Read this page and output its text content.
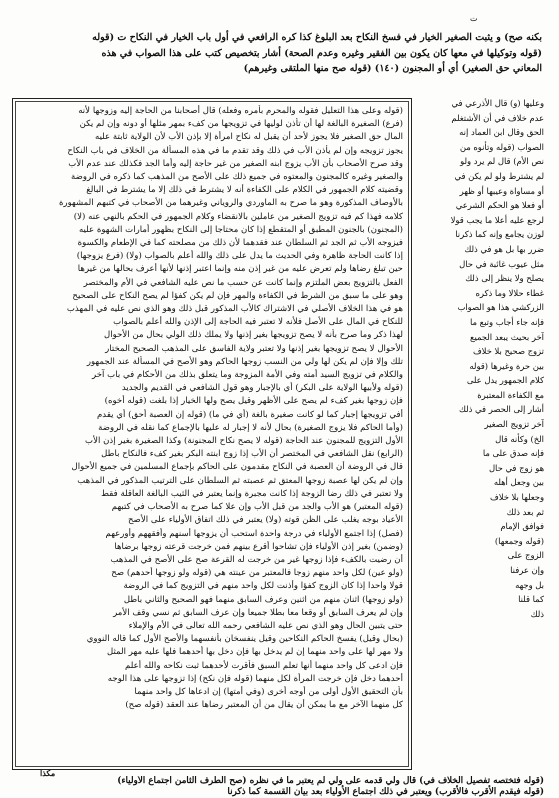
ت
بكنه صح) و يثبت الصغير الخيار في فسخ النكاح بعد البلوغ كذا كره الرافعي في أول باب الخيار في النكاح ت (قوله
(قوله وتوكيلها في معها كان يكون بين الفقير وغيره وعدم الصحة) أشار بتخصيص كتب على هذا الصواب في هذه
المعاني حق الصغير) أي أو المجنون (١٤٠) (قوله صح منها الملتقى وغيرهم)
(قوله وعلى هذا التعليل فقوله والمحرم بأمره وفعله) قال أصحابنا من الحاجة إليه وزوجها لأنه
(فرع) الصغيرة البالغة لها أن تأذن لوليها في تزويجها من كفء بمهر مثلها أو دونه وإن لم يكن
المال حق الصغير فلا يجوز لأحد أن يقبل له نكاح امرأة إلا بإذن الأب لأن الولاية ثابتة عليه
يجوز تزويجه وإن لم يأذن الأب في ذلك وقد تقدم ما في هذه المسألة من الخلاف في باب النكاح
وقد صرح الأصحاب بأن الأب يزوج ابنه الصغير من غير حاجة إليه وأما الجد فكذلك عند عدم الأب
والصغير وغيره كالمجنون والمعتوه في جميع ذلك على الأصح من المذهب كما ذكره في الروضة
وقضيته كلام الجمهور في الكلام على الكفاءة أنه لا يشترط في ذلك إلا ما يشترط في البالغ
بالأوصاف المذكورة وهو ما صرح به الماوردي والروياني وغيرهما من الأصحاب في كتبهم المشهورة
كلامه فهذا كم فيه تزويج الصغير من عاملين بالانقضاء وكلام الجمهور في الحكم بالنهي عنه (لا)
(المجنون) بالجنون المطبق أو المتقطع إذا كان محتاجا إلى النكاح بظهور أمارات الشهوة عليه
فيزوجه الأب ثم الجد ثم السلطان عند فقدهما لأن ذلك من مصلحته كما في الإطعام والكسوة
إذا كانت الحاجة ظاهرة وفي الحديث ما يدل على ذلك والله أعلم بالصواب (ولا) (فرع يزوجها)
حين تبلغ رضاها ولم تعرض عليه من غير إذن منه وإنما اعتبر إذنها لأنها أعرف بحالها من غيرها
الفعل بالتزويج بعض الملتزم وإنما كانت عن حسب ما نص عليه الشافعي في الأم والمختصر
وهو على ما سبق من الشرط في الكفاءة والمهر فإن لم يكن كفؤا لم يصح النكاح على الصحيح
هو في هذا الخلاف الأصلي في الاشتراك كالأب المذكور قبل ذلك وهو الذي نص عليه في المهذب
للنكاح في المال على الأصل فلأنه لا تعتبر فيه الحاجة إلى الإذن والله أعلم بالصواب
لهذا ذكر وما صرح بأنه لا يصح تزويجها بغير إذنها ولا يملك ذلك الولي بحال من الأحوال
الأحوال لا يصح تزويجها بغير إذنها ولا تعتبر ولاية الفاسق على المذهب الصحيح المختار
تلك وإلا فإن لم يكن لها ولي من النسب زوجها الحاكم وهو الأصح في المسألة عند الجمهور
والكلام في تزويج السيد أمته وفي الأمة المزوجة وما يتعلق بذلك من الأحكام في باب آخر
(قوله ولأبيها الولاية على البكر) أي بالإجبار وهو قول الشافعي في القديم والجديد
فإن زوجها بغير كفء لم يصح على الأظهر وقيل يصح ولها الخيار إذا بلغت (قوله أخوه)
أفي تزويجها إجبار كما لو كانت صغيرة بالغة (أي في ما) (قوله إن العصبة أحق) أي يقدم
(وأما الحاكم فلا يزوج الصغيرة) بحال لأنه لا إجبار له عليها بالإجماع كما نقله في الروضة
الأول التزويج للمجنون عند الحاجة (قوله لا يصح نكاح المجنونة) وكذا الصغيرة بغير إذن الأب
(الرابع) نقل الشافعي في المختصر أن الأب إذا زوج ابنته البكر بغير كفء فالنكاح باطل
قال في الروضة أن العصبة في النكاح مقدمون على الحاكم بإجماع المسلمين في جميع الأحوال
وإن لم يكن لها عصبة زوجها المعتق ثم عصبته ثم السلطان على الترتيب المذكور في المذهب
ولا تعتبر في ذلك رضا الزوجة إذا كانت مجبرة وإنما يعتبر في الثيب البالغة العاقلة فقط
(قوله المعتبر) هو الأب والجد من قبل الأب وإن علا كما صرح به الأصحاب في كتبهم
الأعياد بوجه يغلب على الظن قوته (ولا) يعتبر في ذلك اتفاق الأولياء على الأصح
(فصل) إذا اجتمع الأولياء في درجة واحدة استحب أن يزوجها أسنهم وأفقههم وأورعهم
(وضمن) بغير إذن الأولياء فإن تشاحوا أقرع بينهم فمن خرجت قرعته زوجها برضاها
أن رضيت بالكفء فإذا زوجها غير من خرجت له القرعة صح على الأصح في المذهب
(ولو عين) لكل واحد منهم زوجا فالمعتبر من عينته هي (قوله ولو زوجها أحدهم) صح
قولا واحدا إذا كان الزوج كفؤا وأذنت لكل واحد منهم في التزويج كما في الروضة
(ولو زوجها) اثنان منهم من اثنين وعرف السابق منهما فهو الصحيح والثاني باطل
وإن لم يعرف السابق أو وقعا معا بطلا جميعا وإن عرف السابق ثم نسي وقف الأمر
حتى يتبين الحال وهو الذي نص عليه الشافعي رحمه الله تعالى في الأم والإملاء
(بحال وقيل) يفسخ الحاكم النكاحين وقيل ينفسخان بأنفسهما والأصح الأول كما قاله النووي
ولا مهر لها على واحد منهما إن لم يدخل بها فإن دخل بها أحدهما فلها عليه مهر المثل
فإن ادعى كل واحد منهما أنها تعلم السبق فأقرت لأحدهما ثبت نكاحه والله أعلم
أحدهما دخل فإن خرجت المرأة لكل منهما (قوله فإن نكح) إذا تزوجها على هذا الوجه
بأن التحقيق الأول أولى من أوجه أخرى (وفي أمتها) إن ادعاها كل واحد منهما
كل منهما الآخر مع ما يمكن أن يقال من أن المعتبر رضاها عند العقد (قوله صح)
وعليها (و) قال الأذرعي في
عدم خلاف في أن الأشتغلم
الحق وقال ابن العماد إنه
الصواب (قوله وتأنوه من
نص الأم) قال لم يرد ولو
لم يشترط ولو لم يكن في
أو مساواة وعيبها أو ظهر
أو فعلا هو الحكم الشرعي
لرجع عليه أعلا ما يجب قولا
لوزن يجامع وإنه كما ذكرنا
ضرر بها بل هو في ذلك
مثل عيوب غائبة في حال
يصلح ولا ينظر إلى ذلك
غطاء حلالا وما ذكره
الزركشي هذا هو الصواب
فإنه جاء أجاب وتبع ما
آخر بحيث يبعد الجميع
تزوج صحيح بلا خلاف
بين حرة وغيرها (قوله
كلام الجمهور يدل على
مع الكفاءة المعتبرة
أشار إلى الحصر في ذلك
آخر تزويج الصغير
الخ) وكأنه قال
فإنه صدق على ما
هو زوج في حال
بين وجعل أهله
وجعلها بلا خلاف
ثم بعد ذلك
فوافق الإمام
(قوله وجمعها)
الزوج على
وإن عرفنا
بل وجهه
كما قلنا
ذلك
مكذا
(قوله فتختصه تفصيل الخلاف في) قال ولي قدمه على ولي لم يعتبر ما في نظره (صح الطرف الثامن اجتماع الأولياء)
(قوله فيقدم الأقرب فالأقرب) ويعتبر في ذلك اجتماع الأولياء بعد بيان القسمة كما ذكرنا
